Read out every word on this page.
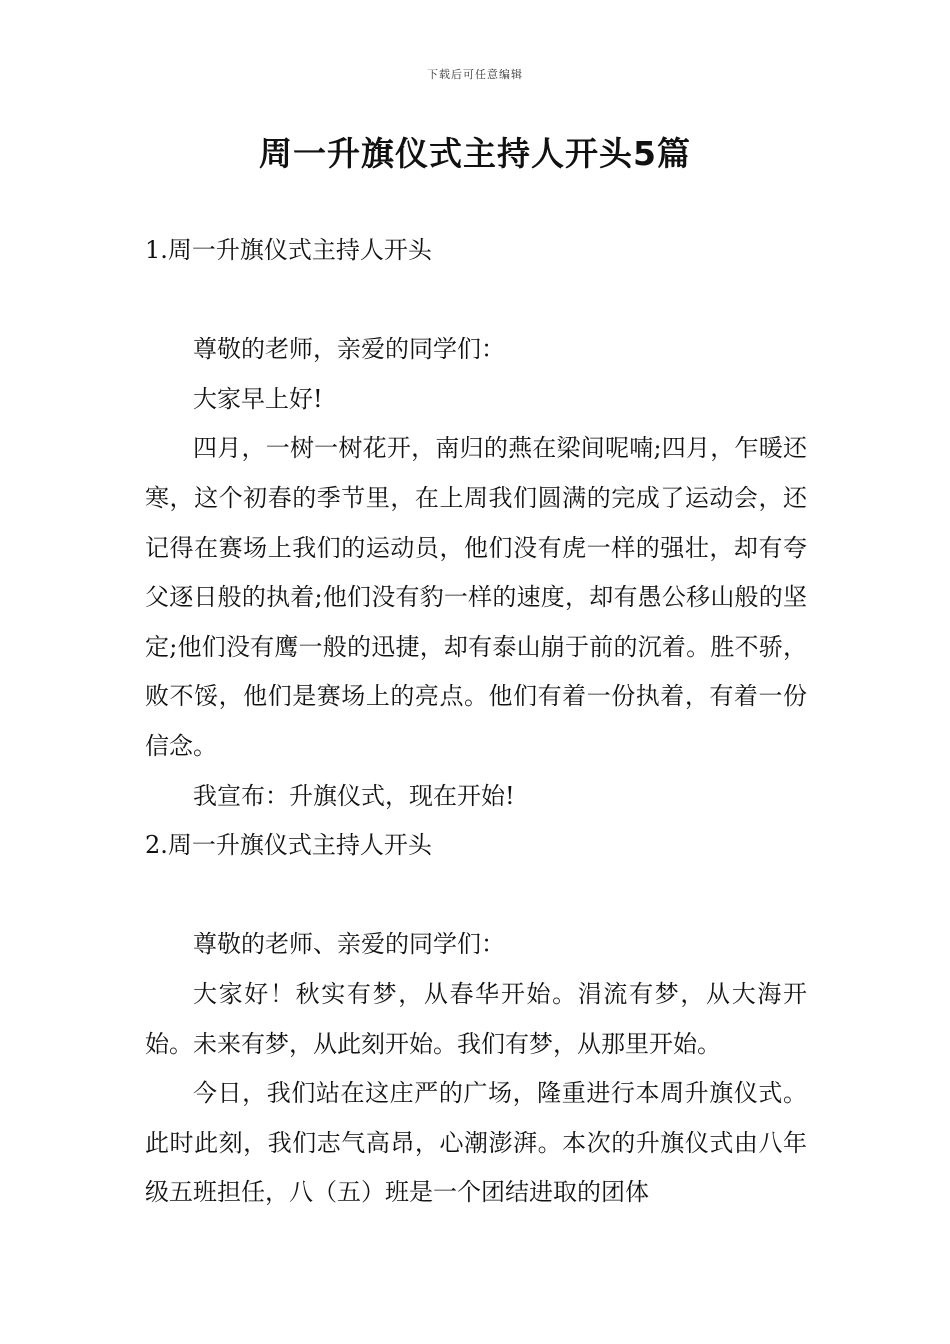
下载后可任意编辑
周一升旗仪式主持人开头5篇
1.周一升旗仪式主持人开头

尊敬的老师，亲爱的同学们：

大家早上好!

四月，一树一树花开，南归的燕在梁间呢喃;四月，乍暖还寒，这个初春的季节里，在上周我们圆满的完成了运动会，还记得在赛场上我们的运动员，他们没有虎一样的强壮，却有夸父逐日般的执着;他们没有豹一样的速度，却有愚公移山般的坚定;他们没有鹰一般的迅捷，却有泰山崩于前的沉着。胜不骄，败不馁，他们是赛场上的亮点。他们有着一份执着，有着一份信念。

我宣布：升旗仪式，现在开始!

2.周一升旗仪式主持人开头

尊敬的老师、亲爱的同学们：

大家好！秋实有梦，从春华开始。涓流有梦，从大海开始。未来有梦，从此刻开始。我们有梦，从那里开始。

今日，我们站在这庄严的广场，隆重进行本周升旗仪式。此时此刻，我们志气高昂，心潮澎湃。本次的升旗仪式由八年级五班担任，八（五）班是一个团结进取的团体
